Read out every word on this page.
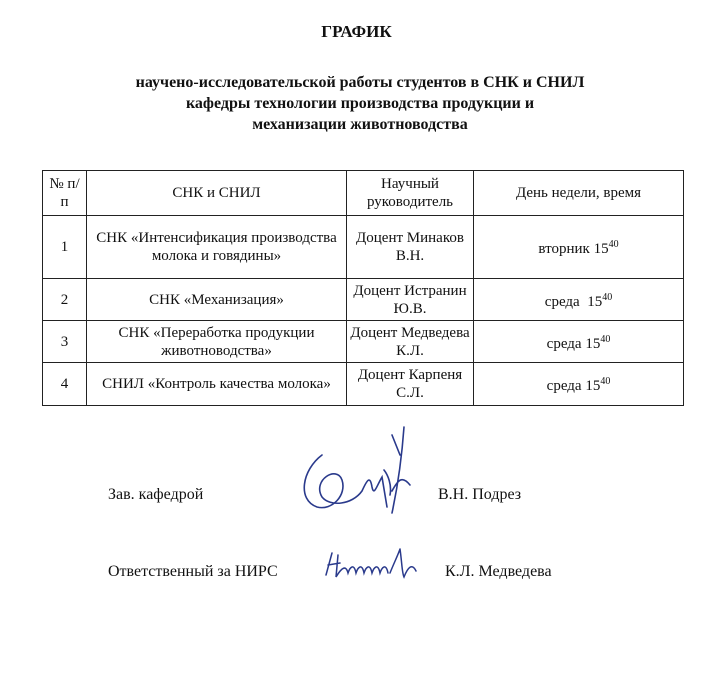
ГРАФИК
научено-исследовательской работы студентов в СНК и СНИЛ
кафедры технологии производства продукции и
механизации животноводства
№ п/п	СНК и СНИЛ	Научный руководитель	День недели, время
1	СНК «Интенсификация производства молока и говядины»	Доцент Минаков В.Н.	вторник $15^{40}$
2	СНК «Механизация»	Доцент Истранин Ю.В.	среда $15^{40}$
3	СНК «Переработка продукции животноводства»	Доцент Медведева К.Л.	среда $15^{40}$
4	СНИЛ «Контроль качества молока»	Доцент Карпеня С.Л.	среда $15^{40}$
Зав. кафедрой	В.Н. Подрез
Ответственный за НИРС	К.Л. Медведева
